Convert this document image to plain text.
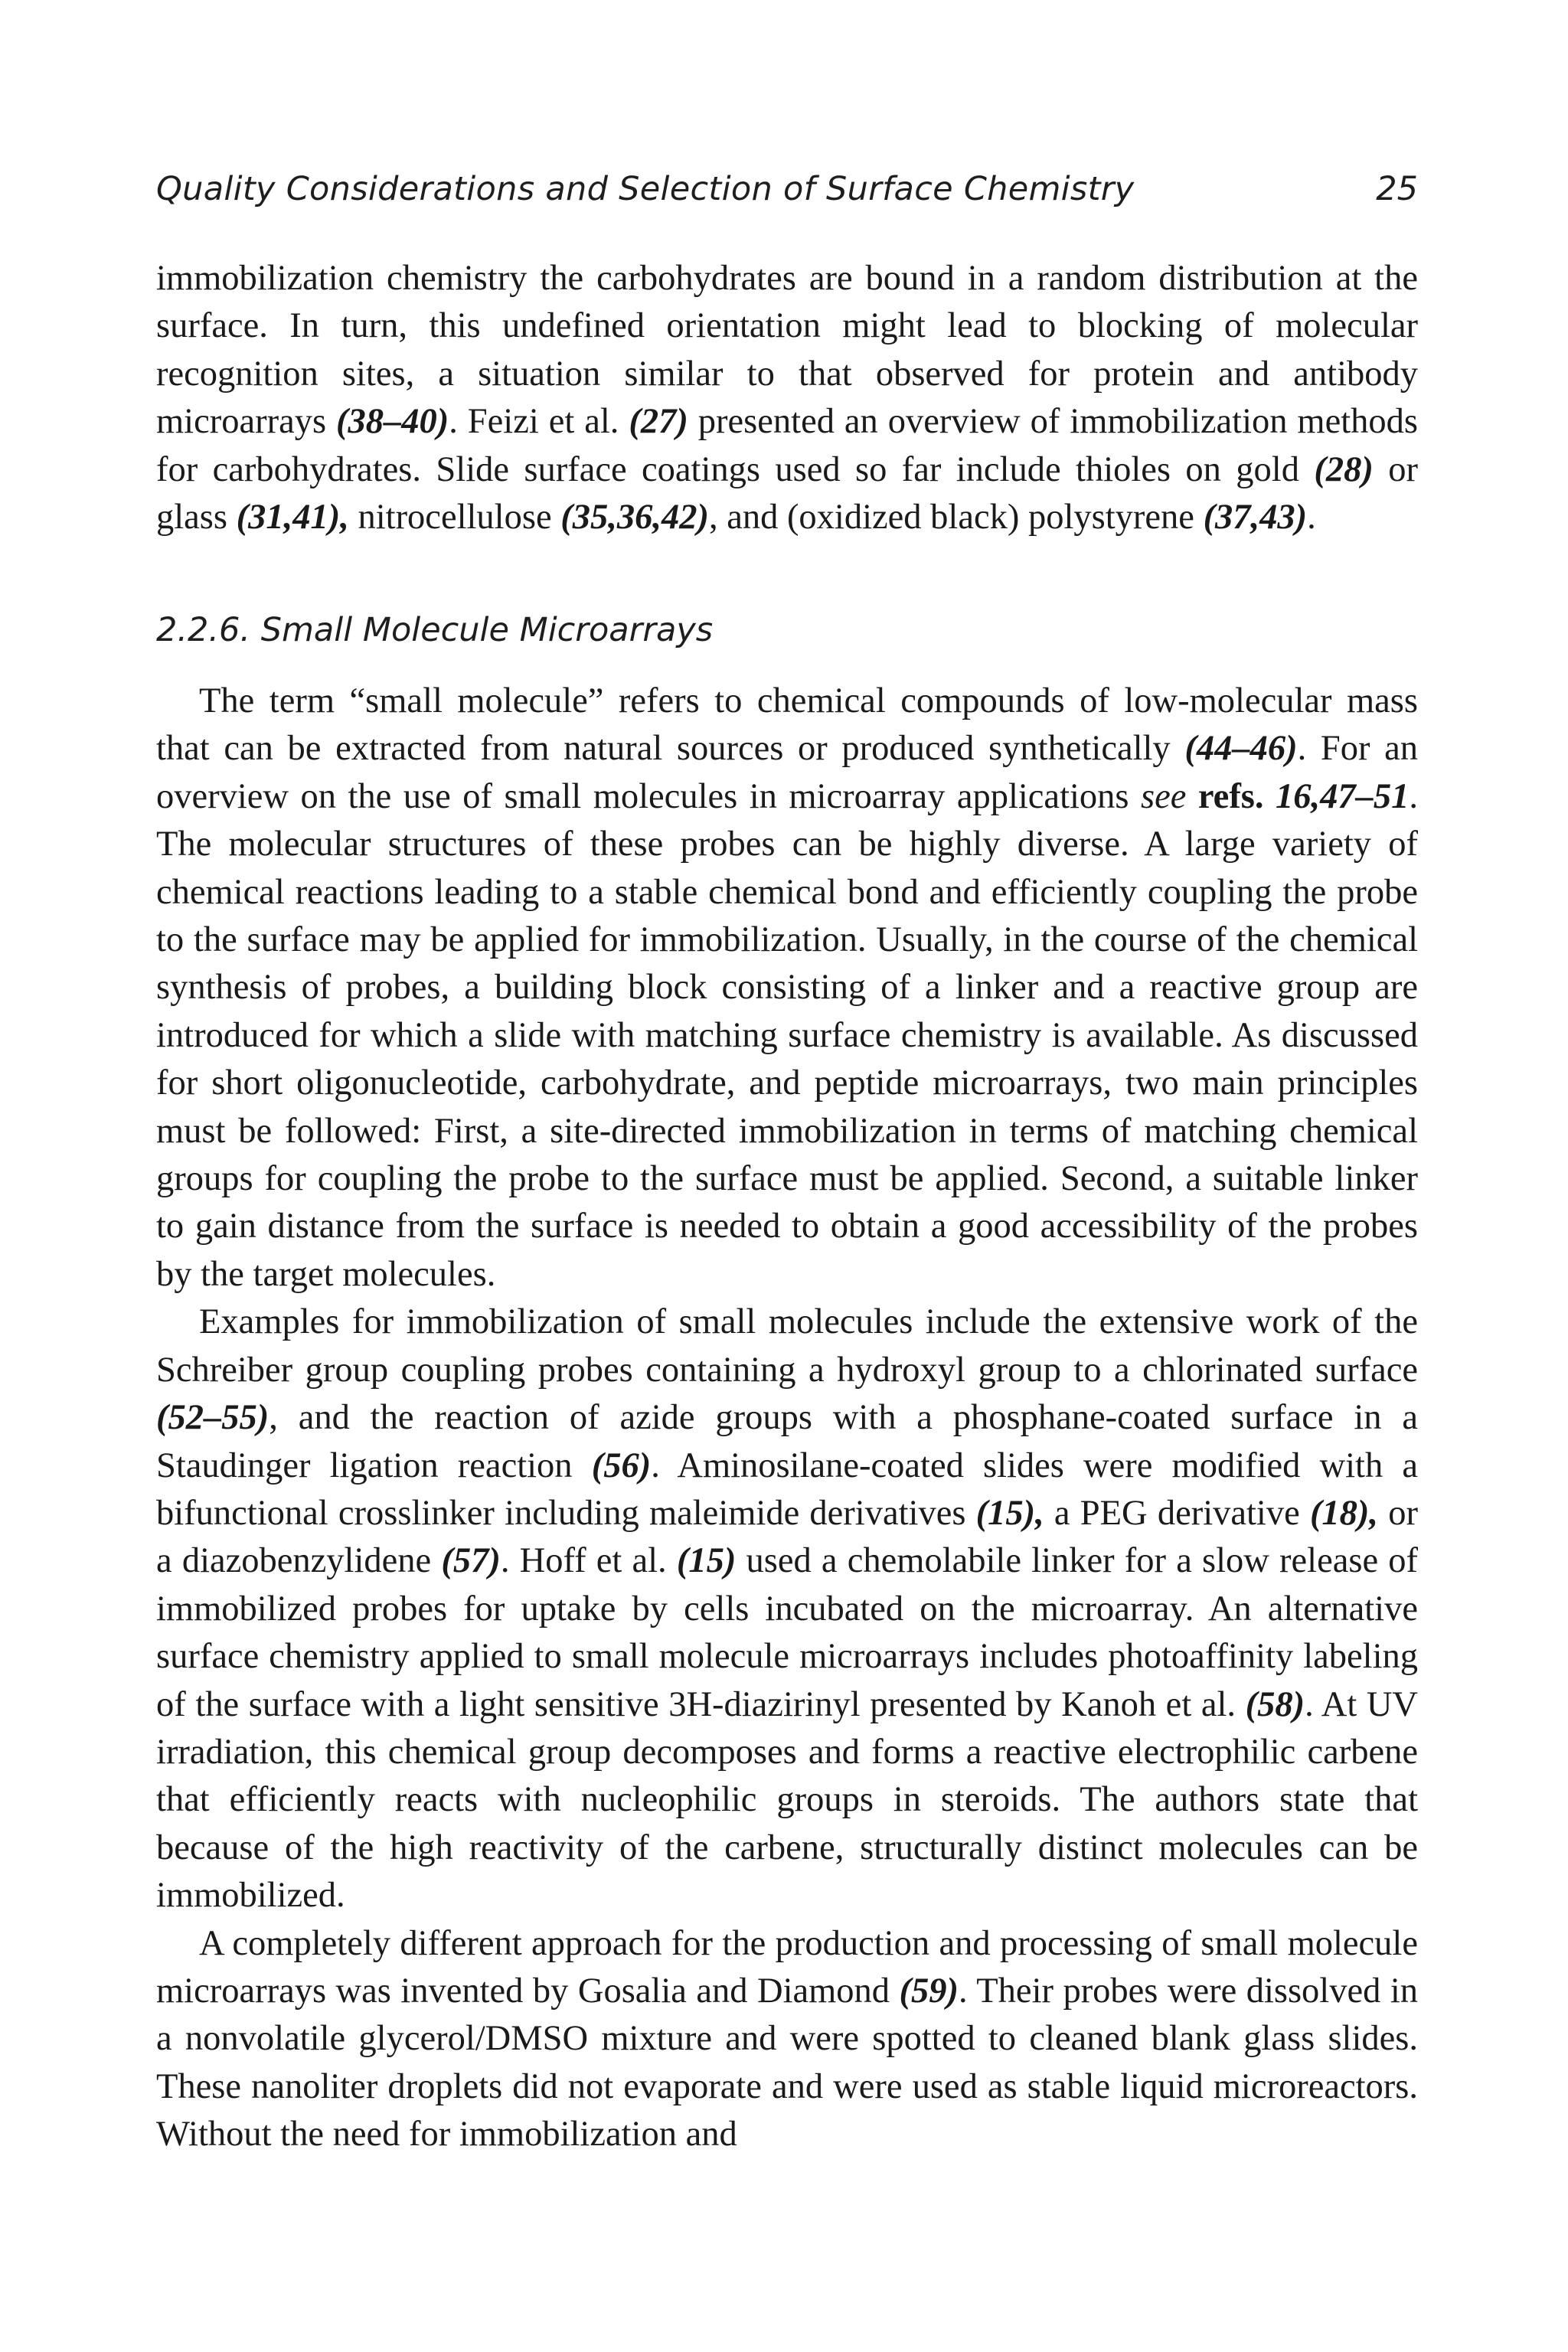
Quality Considerations and Selection of Surface Chemistry	25

immobilization chemistry the carbohydrates are bound in a random distribution at the surface. In turn, this undefined orientation might lead to blocking of molecular recognition sites, a situation similar to that observed for protein and antibody microarrays (38–40). Feizi et al. (27) presented an overview of immobilization methods for carbohydrates. Slide surface coatings used so far include thioles on gold (28) or glass (31,41), nitrocellulose (35,36,42), and (oxidized black) polystyrene (37,43).

2.2.6. Small Molecule Microarrays

The term “small molecule” refers to chemical compounds of low-molecular mass that can be extracted from natural sources or produced synthetically (44–46). For an overview on the use of small molecules in microarray applications see refs. 16,47–51. The molecular structures of these probes can be highly diverse. A large variety of chemical reactions leading to a stable chemical bond and efficiently coupling the probe to the surface may be applied for immobilization. Usually, in the course of the chemical synthesis of probes, a building block consisting of a linker and a reactive group are introduced for which a slide with matching surface chemistry is available. As discussed for short oligonucleotide, carbohydrate, and peptide microarrays, two main principles must be followed: First, a site-directed immobilization in terms of matching chemical groups for coupling the probe to the surface must be applied. Second, a suitable linker to gain distance from the surface is needed to obtain a good accessibility of the probes by the target molecules.

Examples for immobilization of small molecules include the extensive work of the Schreiber group coupling probes containing a hydroxyl group to a chlorinated surface (52–55), and the reaction of azide groups with a phosphane-coated surface in a Staudinger ligation reaction (56). Aminosilane-coated slides were modified with a bifunctional crosslinker including maleimide derivatives (15), a PEG derivative (18), or a diazobenzylidene (57). Hoff et al. (15) used a chemolabile linker for a slow release of immobilized probes for uptake by cells incubated on the microarray. An alternative surface chemistry applied to small molecule microarrays includes photoaffinity labeling of the surface with a light sensitive 3H-diazirinyl presented by Kanoh et al. (58). At UV irradiation, this chemical group decomposes and forms a reactive electrophilic carbene that efficiently reacts with nucleophilic groups in steroids. The authors state that because of the high reactivity of the carbene, structurally distinct molecules can be immobilized.

A completely different approach for the production and processing of small molecule microarrays was invented by Gosalia and Diamond (59). Their probes were dissolved in a nonvolatile glycerol/DMSO mixture and were spotted to cleaned blank glass slides. These nanoliter droplets did not evaporate and were used as stable liquid microreactors. Without the need for immobilization and
